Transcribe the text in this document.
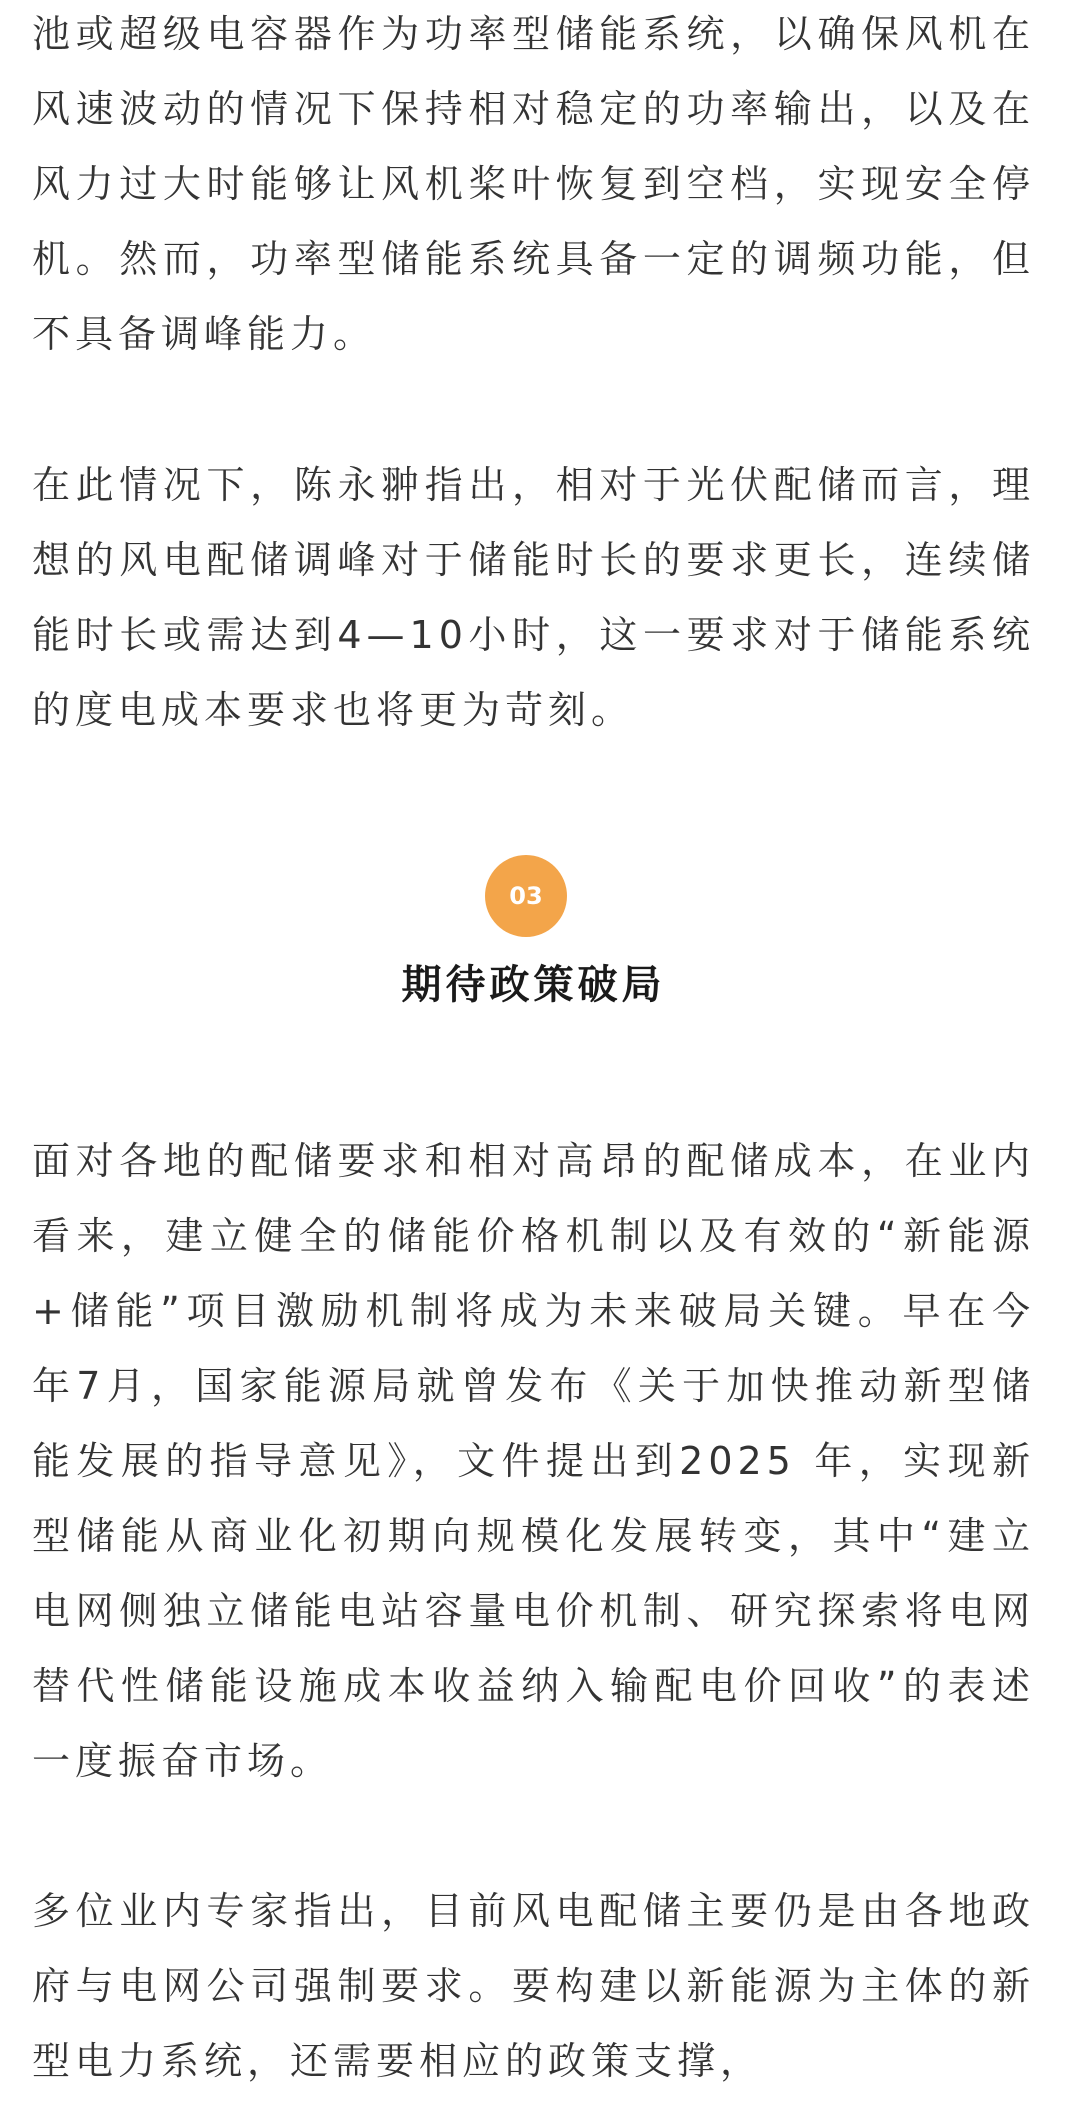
池或超级电容器作为功率型储能系统，以确保风机在风速波动的情况下保持相对稳定的功率输出，以及在风力过大时能够让风机桨叶恢复到空档，实现安全停机。然而，功率型储能系统具备一定的调频功能，但不具备调峰能力。

在此情况下，陈永翀指出，相对于光伏配储而言，理想的风电配储调峰对于储能时长的要求更长，连续储能时长或需达到4—10小时，这一要求对于储能系统的度电成本要求也将更为苛刻。

03
期待政策破局

面对各地的配储要求和相对高昂的配储成本，在业内看来，建立健全的储能价格机制以及有效的“新能源+储能”项目激励机制将成为未来破局关键。早在今年7月，国家能源局就曾发布《关于加快推动新型储能发展的指导意见》，文件提出到2025 年，实现新型储能从商业化初期向规模化发展转变，其中“建立电网侧独立储能电站容量电价机制、研究探索将电网替代性储能设施成本收益纳入输配电价回收”的表述一度振奋市场。

多位业内专家指出，目前风电配储主要仍是由各地政府与电网公司强制要求。要构建以新能源为主体的新型电力系统，还需要相应的政策支撑，
